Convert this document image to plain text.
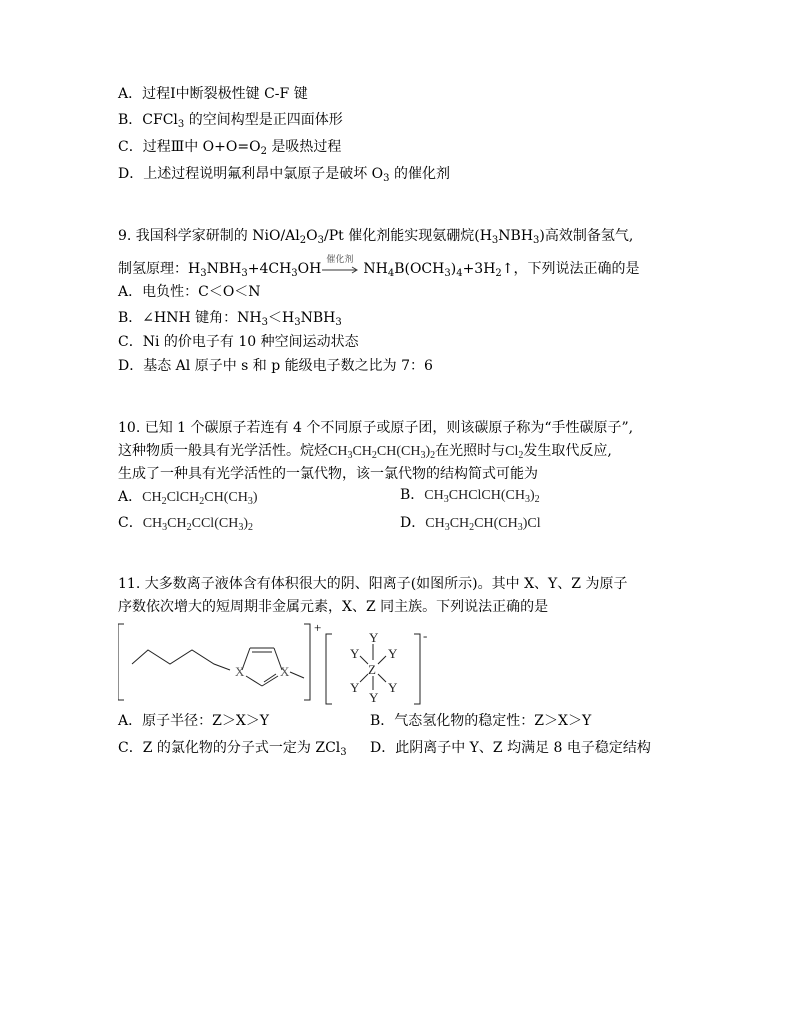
A．过程Ⅰ中断裂极性键 C-F 键
B．CFCl$_3$ 的空间构型是正四面体形
C．过程Ⅲ中 $O+O=O_2$ 是吸热过程
D．上述过程说明氟利昂中氯原子是破坏 $O_3$ 的催化剂
9. 我国科学家研制的 NiO/$Al_2O_3/Pt$ 催化剂能实现氨硼烷$(H_3NBH_3)$高效制备氢气,
制氢原理：$H_3NBH_3+4CH_3OH$
催化剂
$NH_4B(OCH_3)_4+3H_2↑$，下列说法正确的是
A．电负性：C＜O＜N
B．∠HNH 键角：$NH_3<H_3NBH_3$
C．Ni 的价电子有 10 种空间运动状态
D．基态 Al 原子中 s 和 p 能级电子数之比为 7：6
10. 已知 1 个碳原子若连有 4 个不同原子或原子团，则该碳原子称为“手性碳原子”,
这种物质一般具有光学活性。烷烃$CH_3CH_2CH(CH_3)_2$在光照时与$Cl_2$发生取代反应,
生成了一种具有光学活性的一氯代物，该一氯代物的结构简式可能为
A．$CH_2ClCH_2CH(CH_3)$	B．$CH_3CHClCH(CH_3)_2$
C．$CH_3CH_2CCl(CH_3)_2$	D．$CH_3CH_2CH(CH_3)Cl$
11. 大多数离子液体含有体积很大的阴、阳离子(如图所示)。其中 X、Y、Z 为原子
序数依次增大的短周期非金属元素，X、Z 同主族。下列说法正确的是
X	X
+
Y
Y Y
Z
Y Y
Y
-
A．原子半径：Z＞X＞Y	B．气态氢化物的稳定性：Z＞X＞Y
C．Z 的氯化物的分子式一定为 ZCl$_3$ D．此阴离子中 Y、Z 均满足 8 电子稳定结构
